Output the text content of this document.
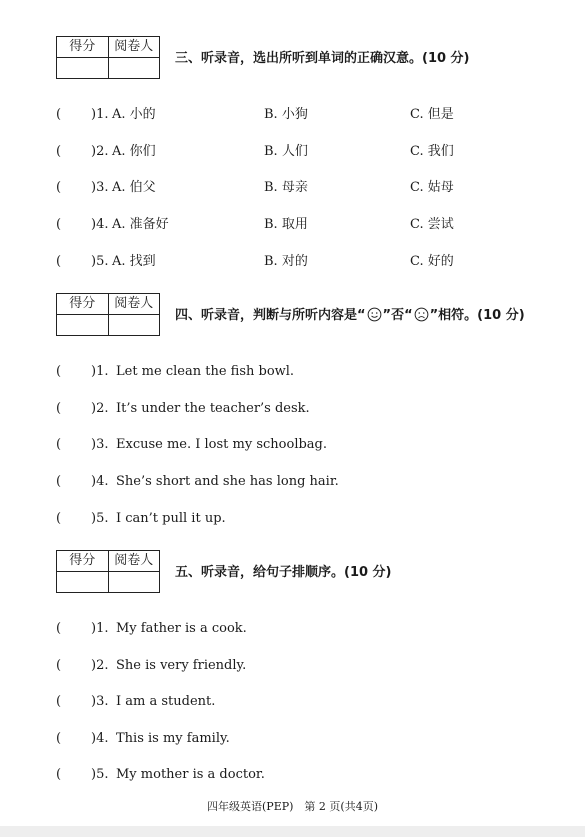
得分	阅卷人

三、听录音，选出所听到单词的正确汉意。(10 分)
( )1. A. 小的	B. 小狗	C. 但是
( )2. A. 你们	B. 人们	C. 我们
( )3. A. 伯父	B. 母亲	C. 姑母
( )4. A. 准备好	B. 取用	C. 尝试
( )5. A. 找到	B. 对的	C. 好的
得分	阅卷人

四、听录音，判断与所听内容是“ ”否“ ”相符。(10 分)
( )1. Let me clean the fish bowl.
( )2. It’s under the teacher’s desk.
( )3. Excuse me. I lost my schoolbag.
( )4. She’s short and she has long hair.
( )5. I can’t pull it up.
得分	阅卷人

五、听录音，给句子排顺序。(10 分)
( )1. My father is a cook.
( )2. She is very friendly.
( )3. I am a student.
( )4. This is my family.
( )5. My mother is a doctor.
四年级英语(PEP)　第 2 页(共4页)
